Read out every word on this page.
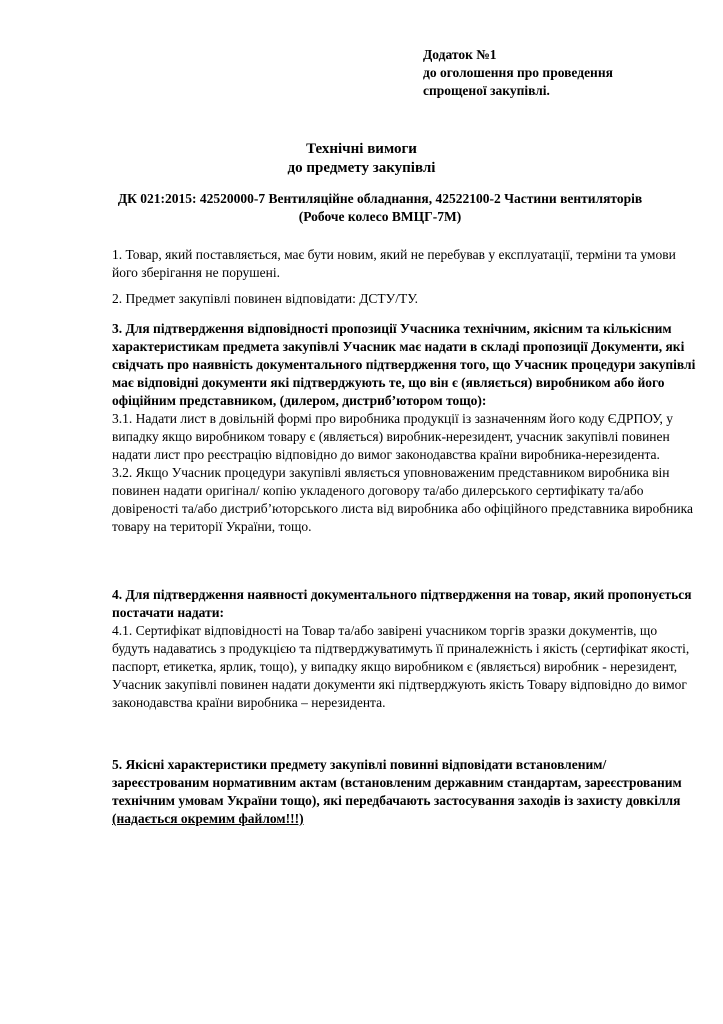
Додаток №1
до оголошення про проведення
спрощеної закупівлі.
Технічні вимоги
до предмету закупівлі
ДК 021:2015: 42520000-7 Вентиляційне обладнання, 42522100-2 Частини вентиляторів
(Робоче колесо ВМЦГ-7М)

1. Товар, який поставляється, має бути новим, який не перебував у експлуатації, терміни та умови його зберігання не порушені.

2. Предмет закупівлі повинен відповідати: ДСТУ/ТУ.

3. Для підтвердження відповідності пропозиції Учасника технічним, якісним та кількісним характеристикам предмета закупівлі Учасник має надати в складі пропозиції Документи, які свідчать про наявність документального підтвердження того, що Учасник процедури закупівлі має відповідні документи які підтверджують те, що він є (являється) виробником або його офіційним представником, (дилером, дистриб’ютором тощо):

3.1. Надати лист в довільній формі про виробника продукції із зазначенням його коду ЄДРПОУ, у випадку якщо виробником товару є (являється) виробник-нерезидент, учасник закупівлі повинен надати лист про реєстрацію відповідно до вимог законодавства країни виробника-нерезидента.

3.2. Якщо Учасник процедури закупівлі являється уповноваженим представником виробника він повинен надати оригінал/ копію укладеного договору та/або дилерського сертифікату та/або довіреності та/або дистриб’юторського листа від виробника або офіційного представника виробника товару на території України, тощо.

4. Для підтвердження наявності документального підтвердження на товар, який пропонується постачати надати:

4.1. Сертифікат відповідності на Товар та/або завірені учасником торгів зразки документів, що будуть надаватись з продукцією та підтверджуватимуть її приналежність і якість (сертифікат якості, паспорт, етикетка, ярлик, тощо), у випадку якщо виробником є (являється) виробник - нерезидент, Учасник закупівлі повинен надати документи які підтверджують якість Товару відповідно до вимог законодавства країни виробника – нерезидента.

5. Якісні характеристики предмету закупівлі повинні відповідати встановленим/зареєстрованим нормативним актам (встановленим державним стандартам, зареєстрованим технічним умовам України тощо), які передбачають застосування заходів із захисту довкілля (надається окремим файлом!!!)
